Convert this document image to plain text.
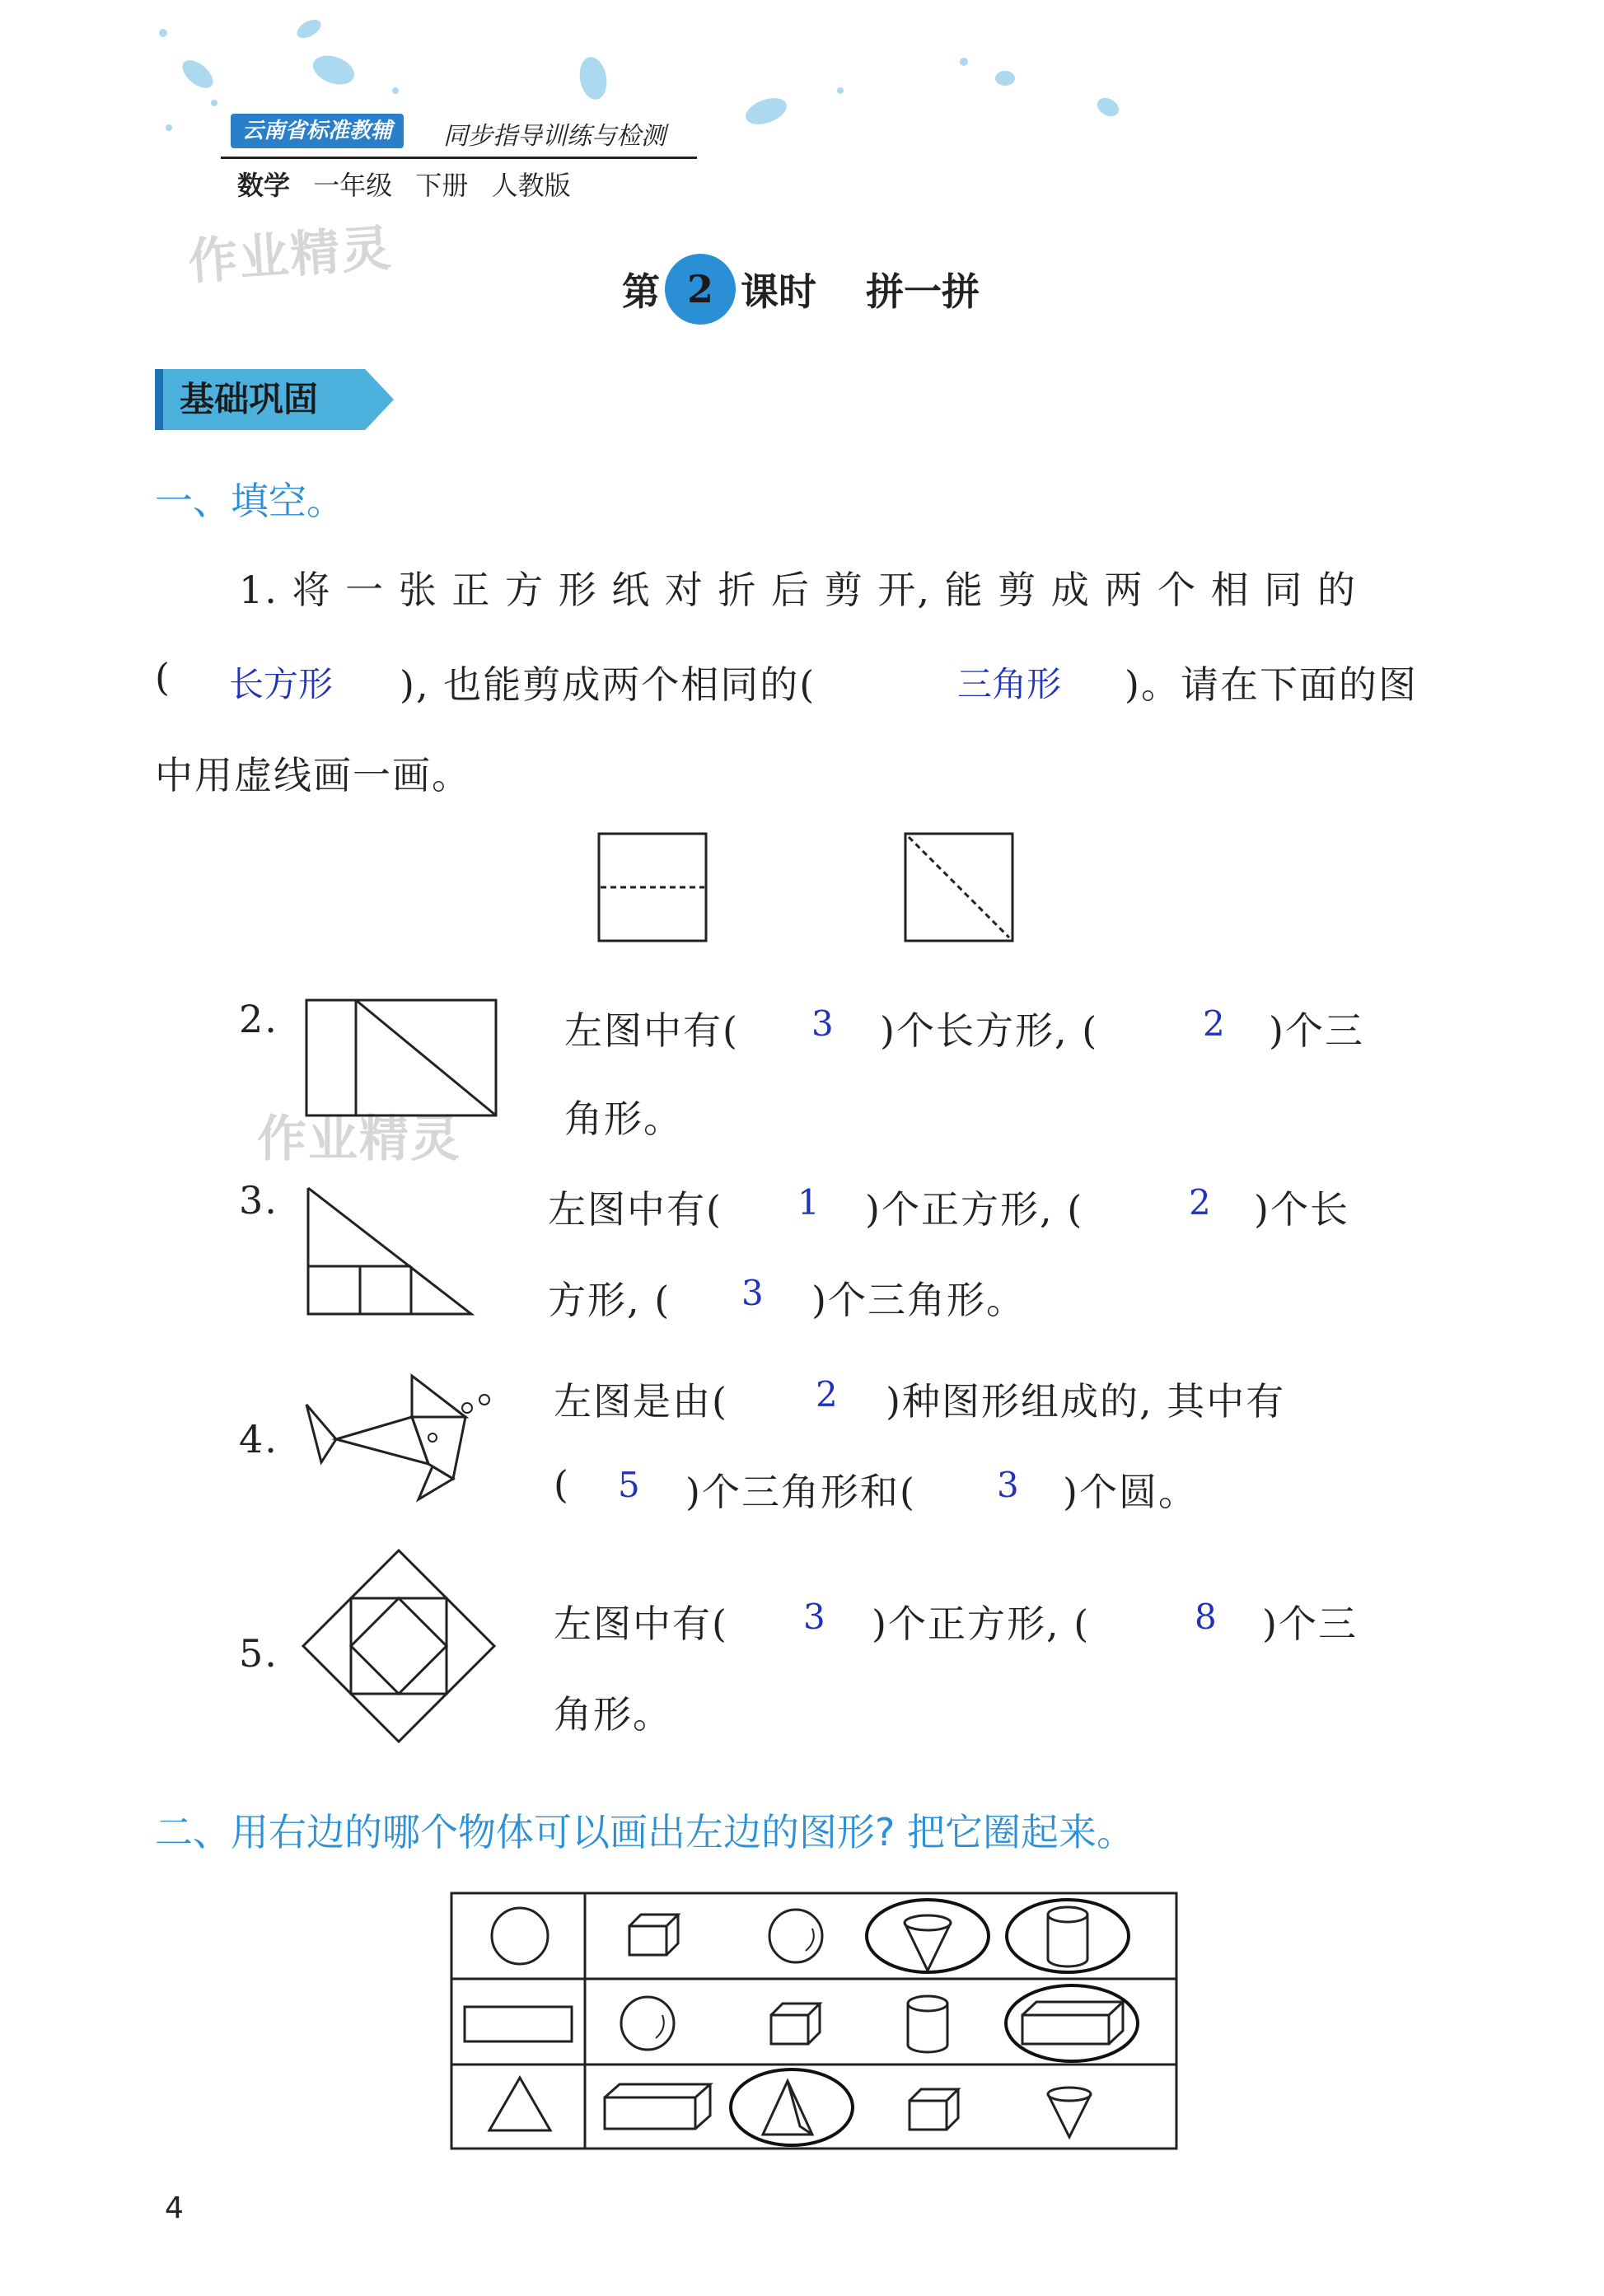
云南省标准教辅	同步指导训练与检测
数学 一年级 下册 人教版
作业精灵
作业精灵
第 2 课时 拼一拼
基础巩固
一、填空。
1. 将 一 张 正 方 形 纸 对 折 后 剪 开, 能 剪 成 两 个 相 同 的
( 长方形 ), 也能剪成两个相同的(	三角形 )。请在下面的图
中用虚线画一画。
2.	左图中有( 3 )个长方形, (	2 )个三
角形。
3.	左图中有( 1 )个正方形, (	2 )个长
方形, ( 3 )个三角形。
4.
左图是由(	2 )种图形组成的, 其中有
( 5 )个三角形和( 3 )个圆。
5.
左图中有( 3 )个正方形, (	8 )个三
角形。
二、用右边的哪个物体可以画出左边的图形? 把它圈起来。
4
